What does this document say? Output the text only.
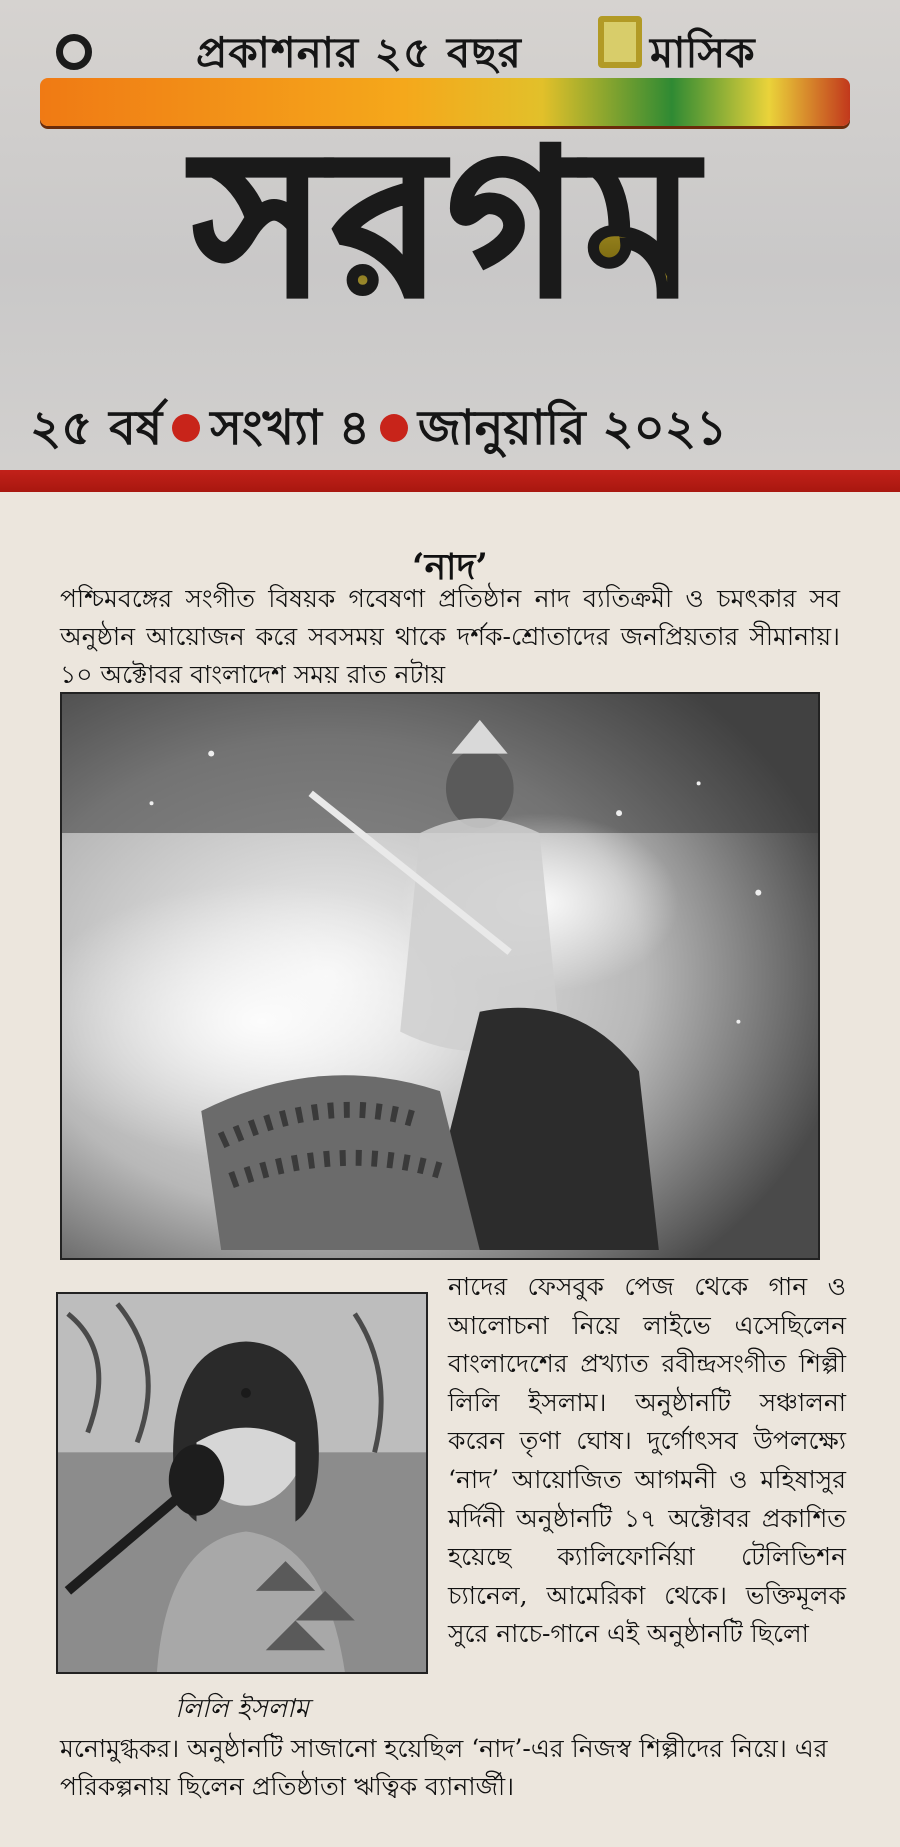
প্রকাশনার ২৫ বছর	মাসিক
সরগম
২৫ বর্ষ সংখ্যা ৪ জানুয়ারি ২০২১
‘নাদ’

পশ্চিমবঙ্গের সংগীত বিষয়ক গবেষণা প্রতিষ্ঠান নাদ ব্যতিক্রমী ও চমৎকার সব অনুষ্ঠান আয়োজন করে সবসময় থাকে দর্শক-শ্রোতাদের জনপ্রিয়তার সীমানায়। ১০ অক্টোবর বাংলাদেশ সময় রাত নটায়

লিলি ইসলাম

নাদের ফেসবুক পেজ থেকে গান ও আলোচনা নিয়ে লাইভে এসেছিলেন বাংলাদেশের প্রখ্যাত রবীন্দ্রসংগীত শিল্পী লিলি ইসলাম। অনুষ্ঠানটি সঞ্চালনা করেন তৃণা ঘোষ। দুর্গোৎসব উপলক্ষ্যে ‘নাদ’ আয়োজিত আগমনী ও মহিষাসুর মর্দিনী অনুষ্ঠানটি ১৭ অক্টোবর প্রকাশিত হয়েছে ক্যালিফোর্নিয়া টেলিভিশন চ্যানেল, আমেরিকা থেকে। ভক্তিমূলক সুরে নাচে-গানে এই অনুষ্ঠানটি ছিলো

মনোমুগ্ধকর। অনুষ্ঠানটি সাজানো হয়েছিল ‘নাদ’-এর নিজস্ব শিল্পীদের নিয়ে। এর পরিকল্পনায় ছিলেন প্রতিষ্ঠাতা ঋত্বিক ব্যানার্জী।
